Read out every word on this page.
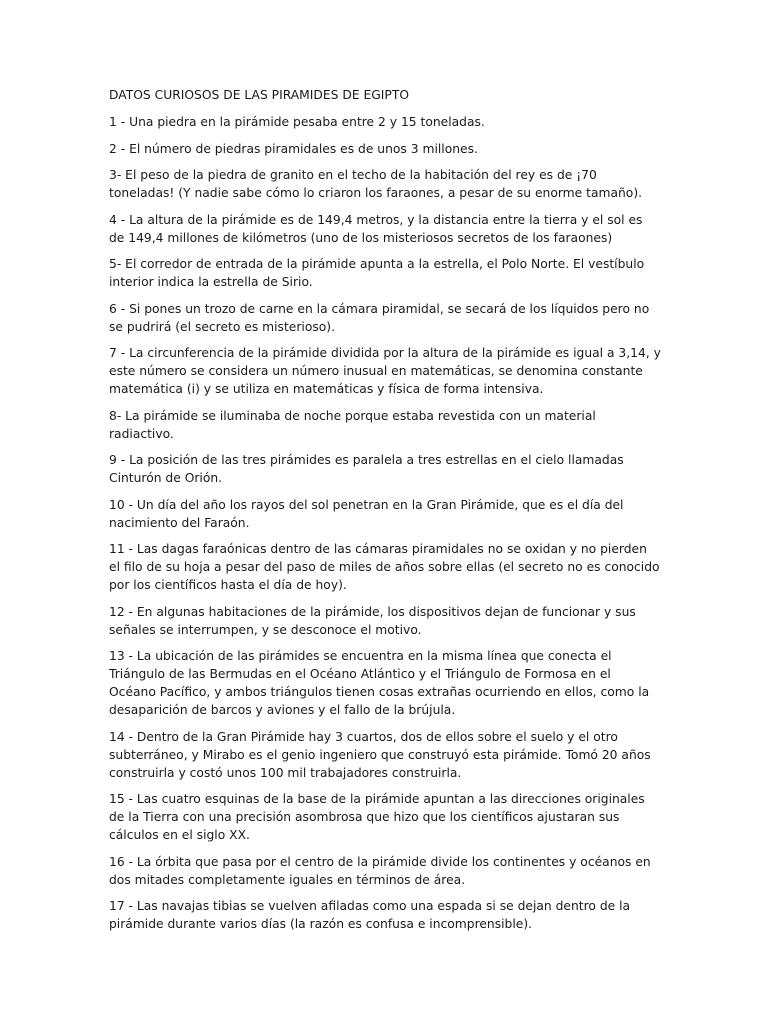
DATOS CURIOSOS DE LAS PIRAMIDES DE EGIPTO

1 - Una piedra en la pirámide pesaba entre 2 y 15 toneladas.

2 - El número de piedras piramidales es de unos 3 millones.

3- El peso de la piedra de granito en el techo de la habitación del rey es de ¡70 toneladas! (Y nadie sabe cómo lo criaron los faraones, a pesar de su enorme tamaño).

4 - La altura de la pirámide es de 149,4 metros, y la distancia entre la tierra y el sol es de 149,4 millones de kilómetros (uno de los misteriosos secretos de los faraones)

5- El corredor de entrada de la pirámide apunta a la estrella, el Polo Norte. El vestíbulo interior indica la estrella de Sirio.

6 - Si pones un trozo de carne en la cámara piramidal, se secará de los líquidos pero no se pudrirá (el secreto es misterioso).

7 - La circunferencia de la pirámide dividida por la altura de la pirámide es igual a 3,14, y este número se considera un número inusual en matemáticas, se denomina constante matemática (i) y se utiliza en matemáticas y física de forma intensiva.

8- La pirámide se iluminaba de noche porque estaba revestida con un material radiactivo.

9 - La posición de las tres pirámides es paralela a tres estrellas en el cielo llamadas Cinturón de Orión.

10 - Un día del año los rayos del sol penetran en la Gran Pirámide, que es el día del nacimiento del Faraón.

11 - Las dagas faraónicas dentro de las cámaras piramidales no se oxidan y no pierden el filo de su hoja a pesar del paso de miles de años sobre ellas (el secreto no es conocido por los científicos hasta el día de hoy).

12 - En algunas habitaciones de la pirámide, los dispositivos dejan de funcionar y sus señales se interrumpen, y se desconoce el motivo.

13 - La ubicación de las pirámides se encuentra en la misma línea que conecta el Triángulo de las Bermudas en el Océano Atlántico y el Triángulo de Formosa en el Océano Pacífico, y ambos triángulos tienen cosas extrañas ocurriendo en ellos, como la desaparición de barcos y aviones y el fallo de la brújula.

14 - Dentro de la Gran Pirámide hay 3 cuartos, dos de ellos sobre el suelo y el otro subterráneo, y Mirabo es el genio ingeniero que construyó esta pirámide. Tomó 20 años construirla y costó unos 100 mil trabajadores construirla.

15 - Las cuatro esquinas de la base de la pirámide apuntan a las direcciones originales de la Tierra con una precisión asombrosa que hizo que los científicos ajustaran sus cálculos en el siglo XX.

16 - La órbita que pasa por el centro de la pirámide divide los continentes y océanos en dos mitades completamente iguales en términos de área.

17 - Las navajas tibias se vuelven afiladas como una espada si se dejan dentro de la pirámide durante varios días (la razón es confusa e incomprensible).
